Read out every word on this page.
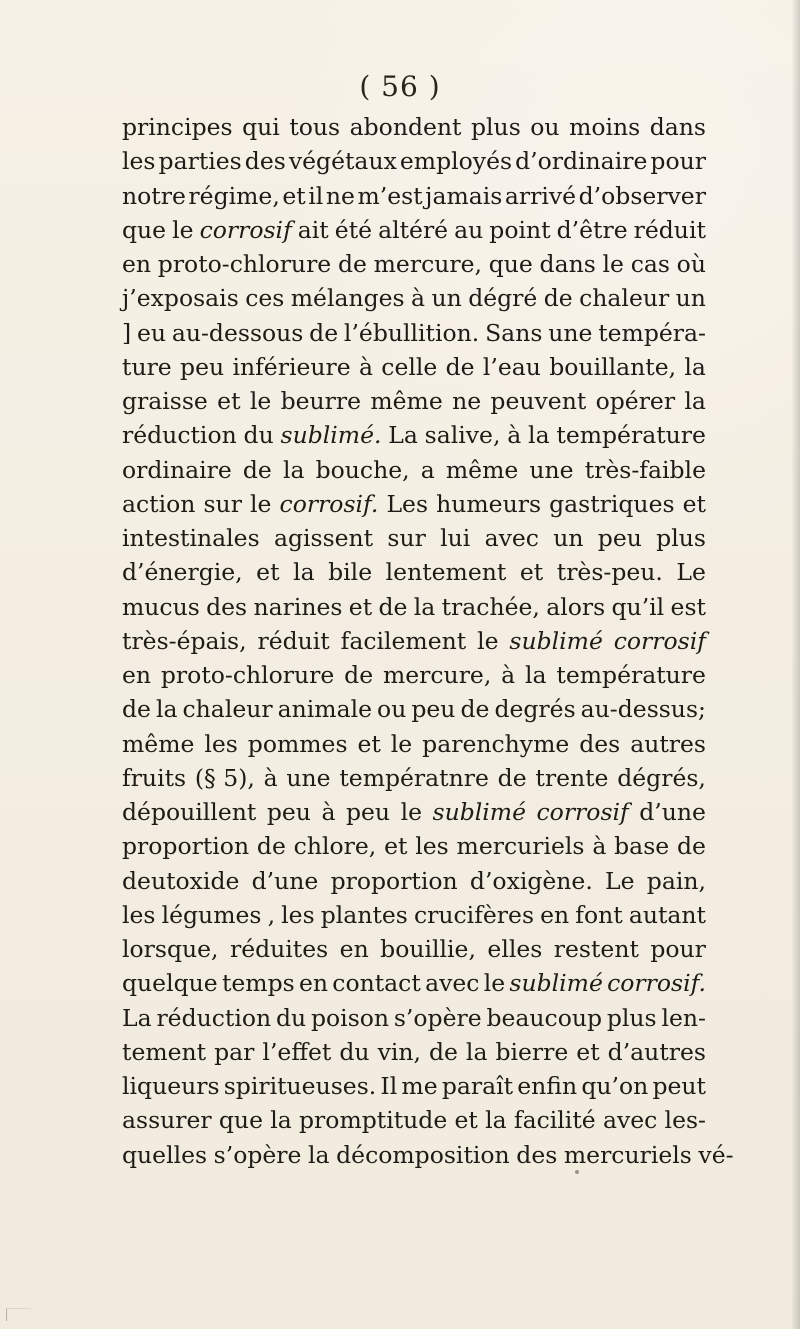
( 56 )
principes qui tous abondent plus ou moins dans
les parties des végétaux employés d’ordinaire pour
notre régime, et il ne m’est jamais arrivé d’observer
que le corrosif ait été altéré au point d’être réduit
en proto-chlorure de mercure, que dans le cas où
j’exposais ces mélanges à un dégré de chaleur un
] eu au-dessous de l’ébullition. Sans une tempéra-
ture peu inférieure à celle de l’eau bouillante, la
graisse et le beurre même ne peuvent opérer la
réduction du sublimé. La salive, à la température
ordinaire de la bouche, a même une très-faible
action sur le corrosif. Les humeurs gastriques et
intestinales agissent sur lui avec un peu plus
d’énergie, et la bile lentement et très-peu. Le
mucus des narines et de la trachée, alors qu’il est
très-épais, réduit facilement le sublimé corrosif
en proto-chlorure de mercure, à la température
de la chaleur animale ou peu de degrés au-dessus;
même les pommes et le parenchyme des autres
fruits (§ 5), à une températnre de trente dégrés,
dépouillent peu à peu le sublimé corrosif d’une
proportion de chlore, et les mercuriels à base de
deutoxide d’une proportion d’oxigène. Le pain,
les légumes , les plantes crucifères en font autant
lorsque, réduites en bouillie, elles restent pour
quelque temps en contact avec le sublimé corrosif.
La réduction du poison s’opère beaucoup plus len-
tement par l’effet du vin, de la bierre et d’autres
liqueurs spiritueuses. Il me paraît enfin qu’on peut
assurer que la promptitude et la facilité avec les-
quelles s’opère la décomposition des mercuriels vé-
